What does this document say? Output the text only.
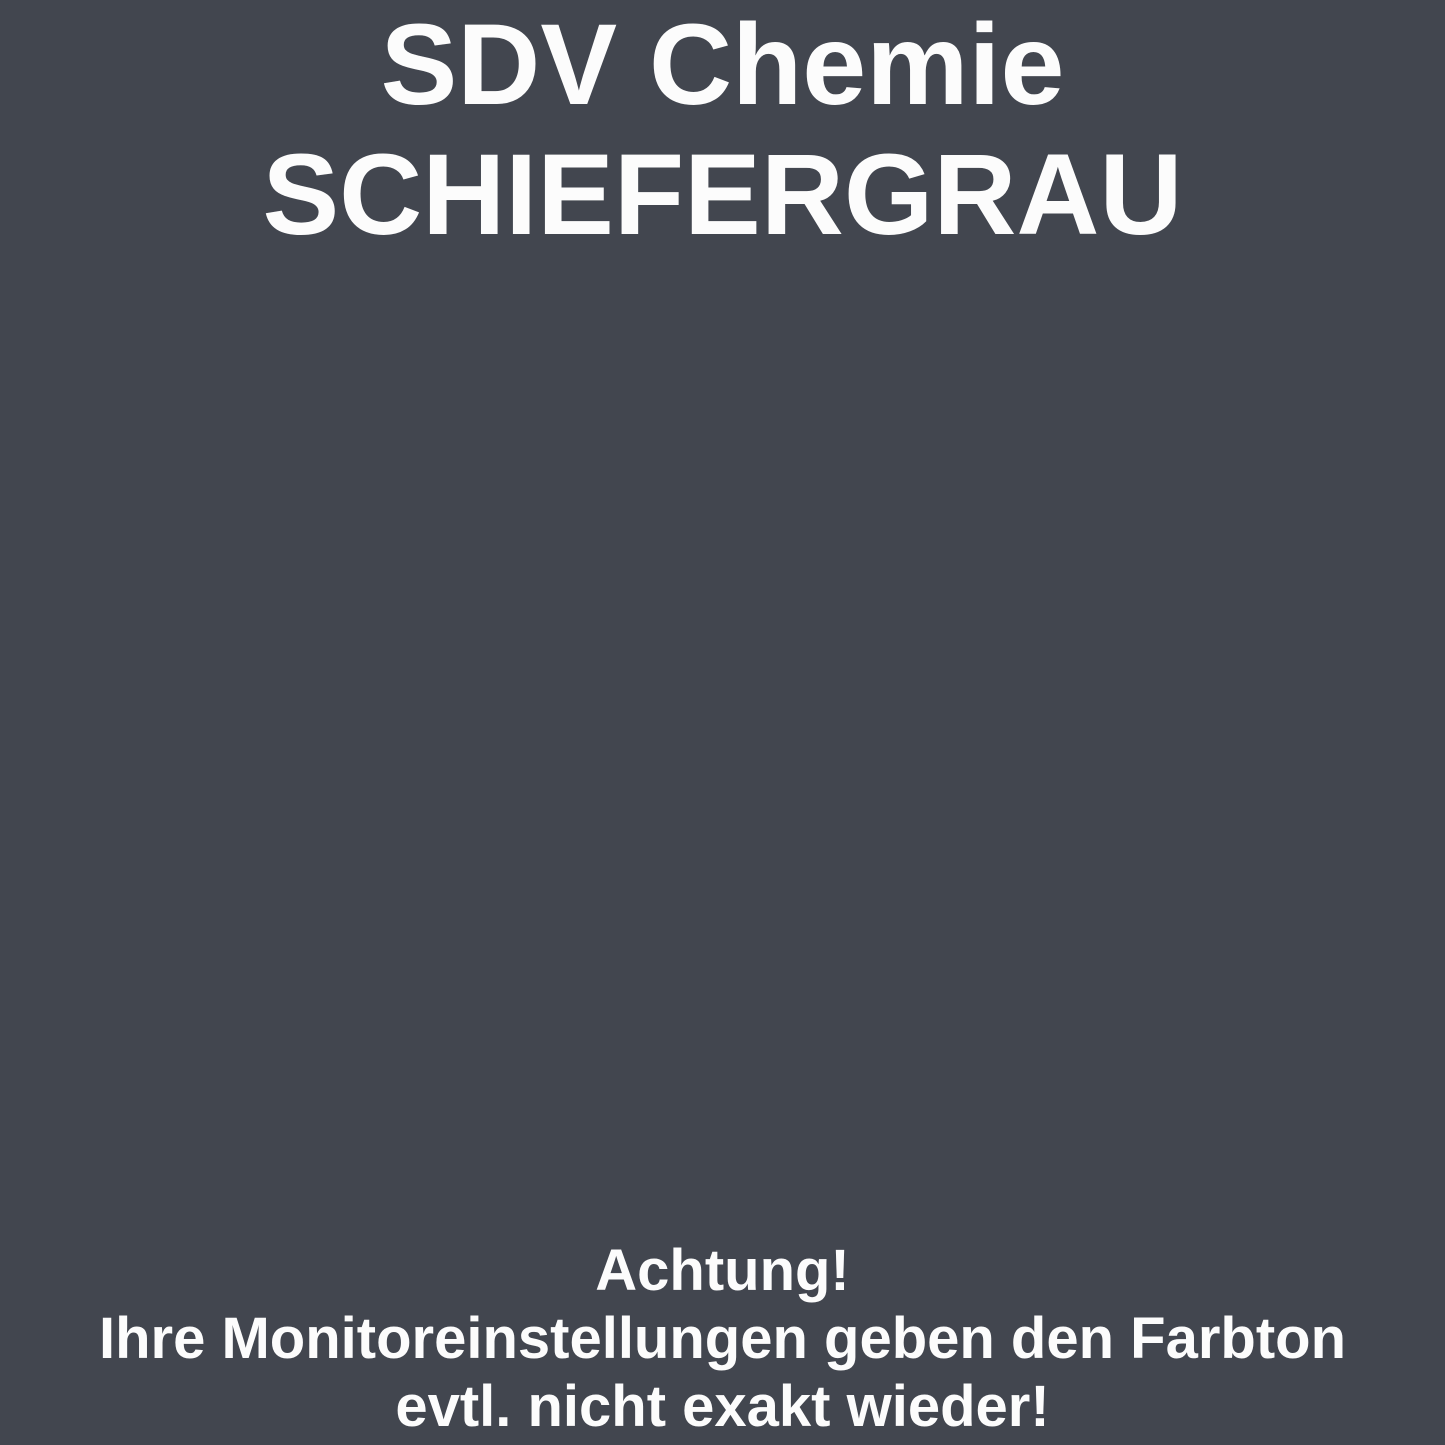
SDV Chemie
SCHIEFERGRAU
Achtung!
Ihre Monitoreinstellungen geben den Farbton
evtl. nicht exakt wieder!
